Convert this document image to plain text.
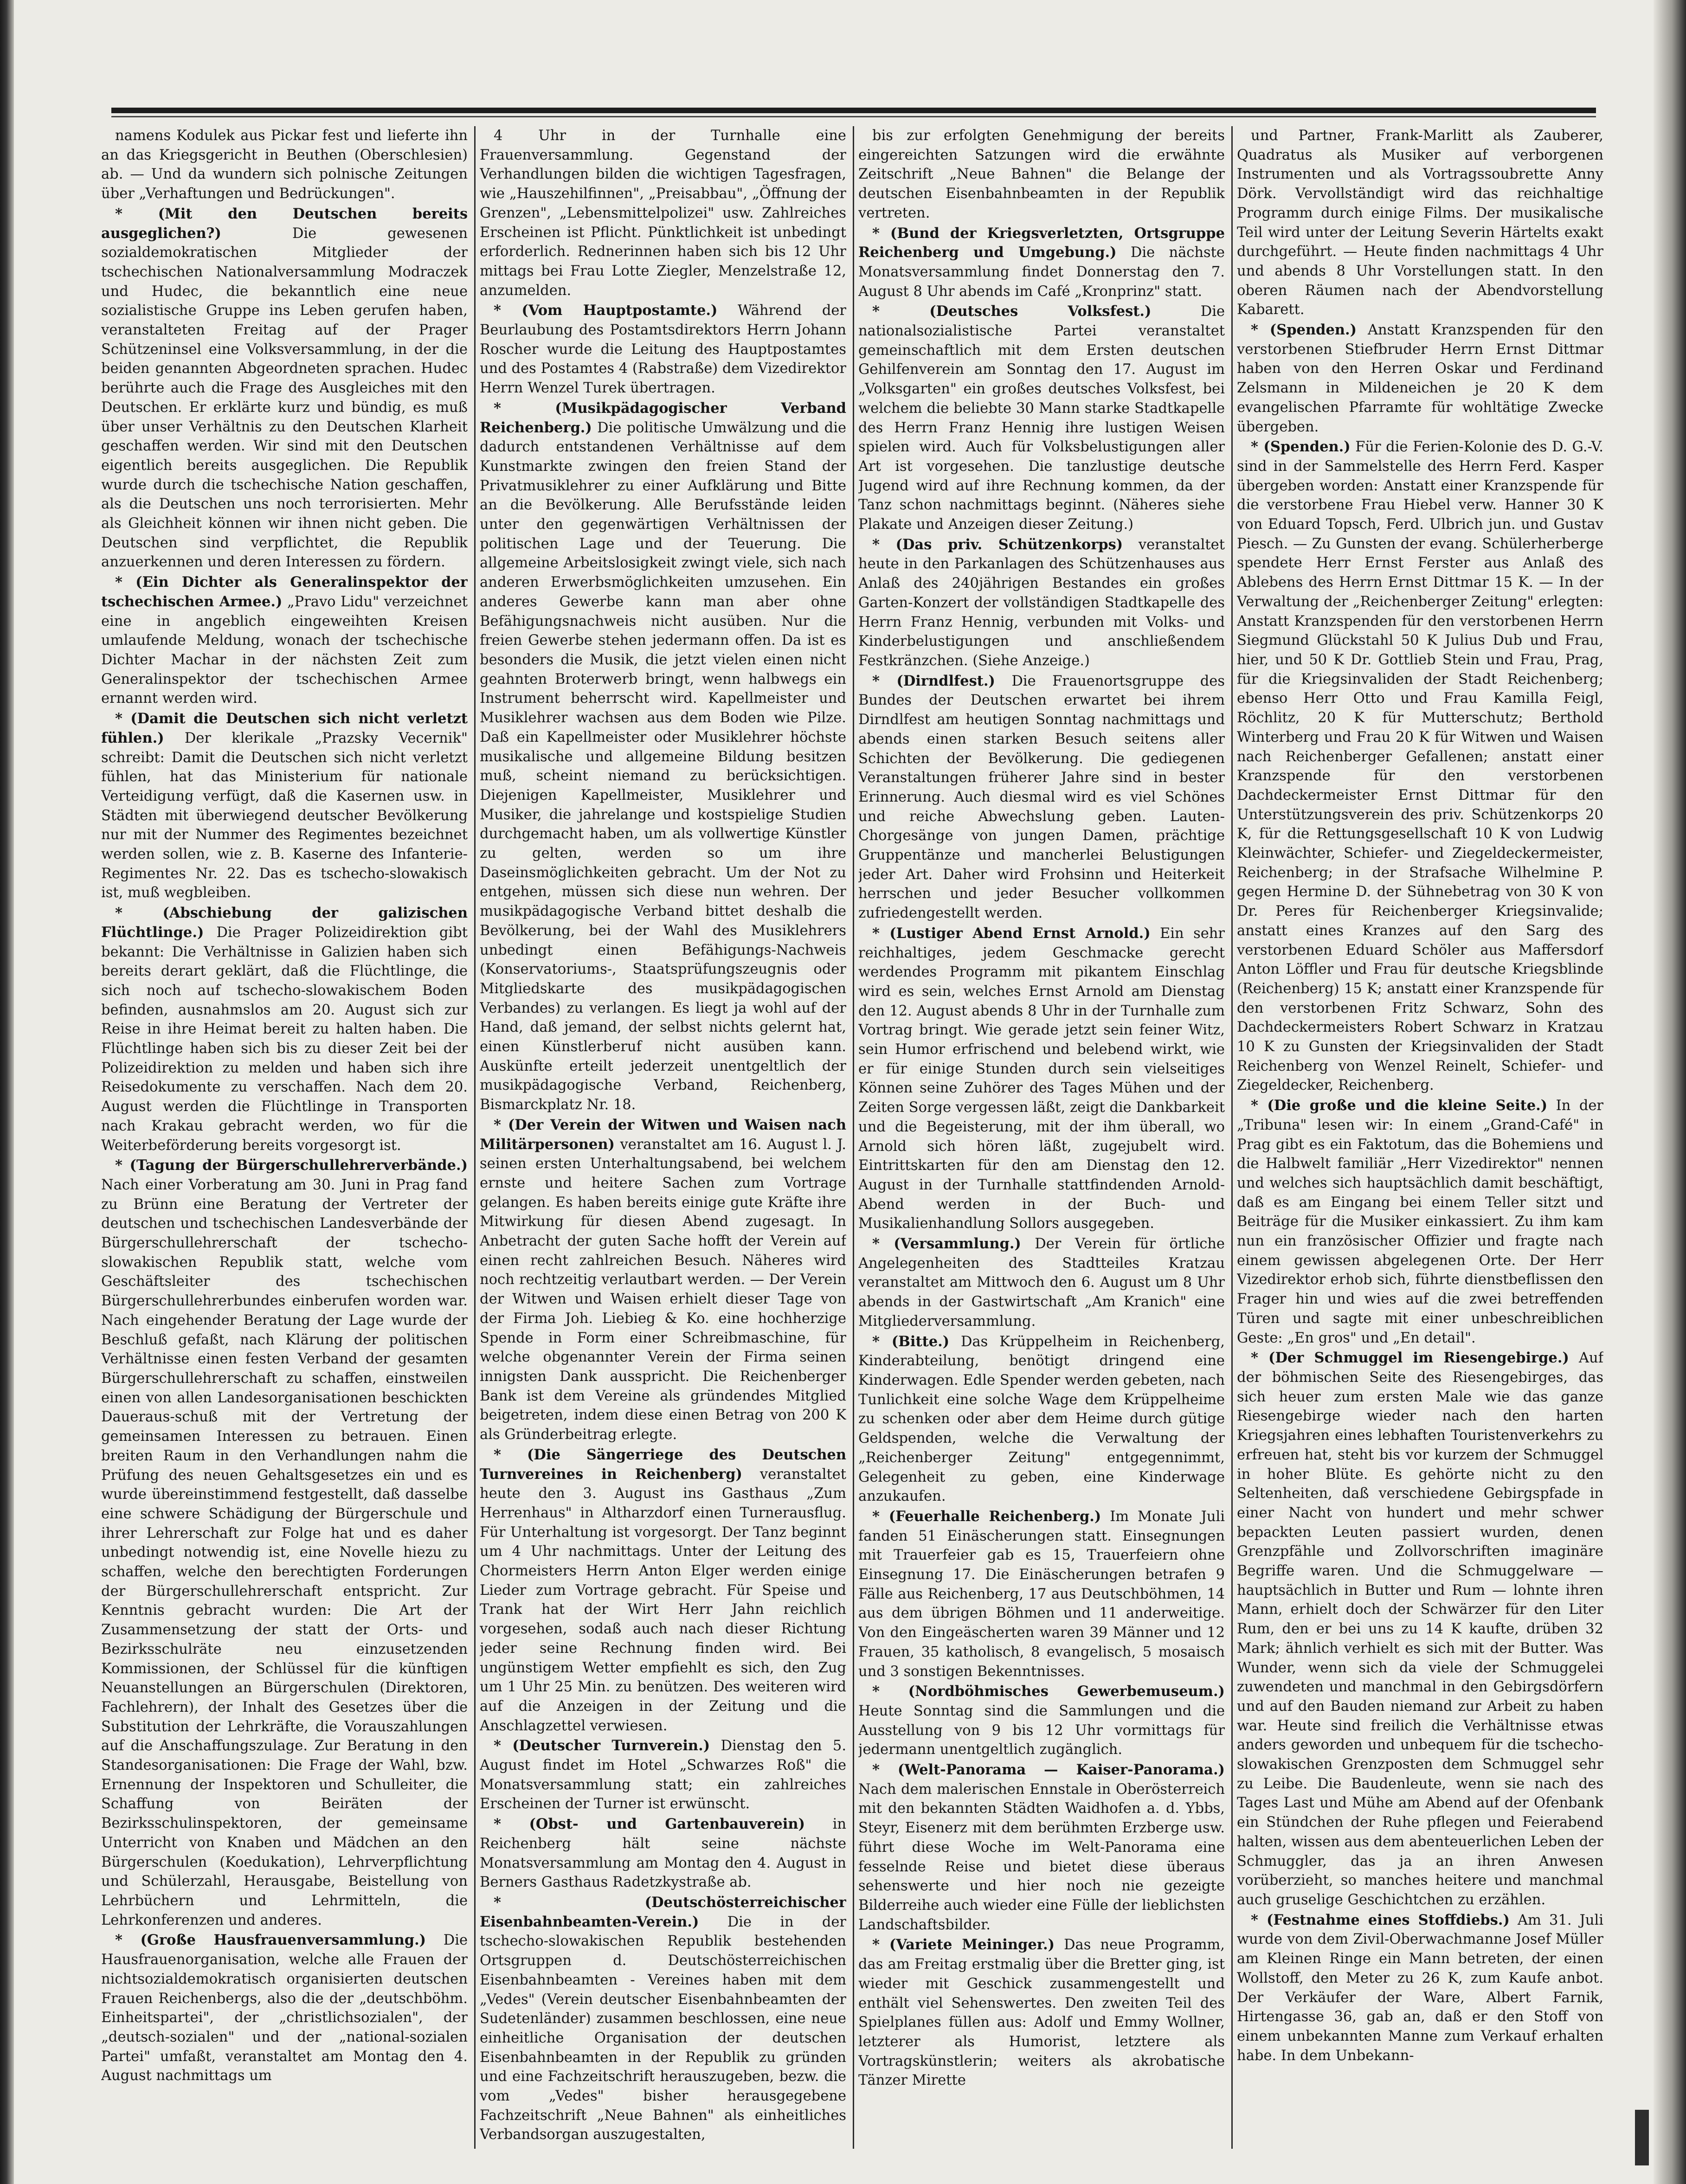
namens Kodulek aus Pickar fest und lieferte ihn an das Kriegsgericht in Beuthen (Oberschlesien) ab. — Und da wundern sich polnische Zeitungen über „Verhaftungen und Bedrückungen".

* (Mit den Deutschen bereits ausgeglichen?) Die gewesenen sozialdemokratischen Mitglieder der tschechischen Nationalversammlung Modraczek und Hudec, die bekanntlich eine neue sozialistische Gruppe ins Leben gerufen haben, veranstalteten Freitag auf der Prager Schützeninsel eine Volksversammlung, in der die beiden genannten Abgeordneten sprachen. Hudec berührte auch die Frage des Ausgleiches mit den Deutschen. Er erklärte kurz und bündig, es muß über unser Verhältnis zu den Deutschen Klarheit geschaffen werden. Wir sind mit den Deutschen eigentlich bereits ausgeglichen. Die Republik wurde durch die tschechische Nation geschaffen, als die Deutschen uns noch terrorisierten. Mehr als Gleichheit können wir ihnen nicht geben. Die Deutschen sind verpflichtet, die Republik anzuerkennen und deren Interessen zu fördern.

* (Ein Dichter als Generalinspektor der tschechischen Armee.) „Pravo Lidu" verzeichnet eine in angeblich eingeweihten Kreisen umlaufende Meldung, wonach der tschechische Dichter Machar in der nächsten Zeit zum Generalinspektor der tschechischen Armee ernannt werden wird.

* (Damit die Deutschen sich nicht verletzt fühlen.) Der klerikale „Prazsky Vecernik" schreibt: Damit die Deutschen sich nicht verletzt fühlen, hat das Ministerium für nationale Verteidigung verfügt, daß die Kasernen usw. in Städten mit überwiegend deutscher Bevölkerung nur mit der Nummer des Regimentes bezeichnet werden sollen, wie z. B. Kaserne des Infanterie-Regimentes Nr. 22. Das es tschecho-slowakisch ist, muß wegbleiben.

* (Abschiebung der galizischen Flüchtlinge.) Die Prager Polizeidirektion gibt bekannt: Die Verhältnisse in Galizien haben sich bereits derart geklärt, daß die Flüchtlinge, die sich noch auf tschecho-slowakischem Boden befinden, ausnahmslos am 20. August sich zur Reise in ihre Heimat bereit zu halten haben. Die Flüchtlinge haben sich bis zu dieser Zeit bei der Polizeidirektion zu melden und haben sich ihre Reisedokumente zu verschaffen. Nach dem 20. August werden die Flüchtlinge in Transporten nach Krakau gebracht werden, wo für die Weiterbeförderung bereits vorgesorgt ist.

* (Tagung der Bürgerschullehrerverbände.) Nach einer Vorberatung am 30. Juni in Prag fand zu Brünn eine Beratung der Vertreter der deutschen und tschechischen Landesverbände der Bürgerschullehrerschaft der tschecho-slowakischen Republik statt, welche vom Geschäftsleiter des tschechischen Bürgerschullehrerbundes einberufen worden war. Nach eingehender Beratung der Lage wurde der Beschluß gefaßt, nach Klärung der politischen Verhältnisse einen festen Verband der gesamten Bürgerschullehrerschaft zu schaffen, einstweilen einen von allen Landesorganisationen beschickten Daueraus-schuß mit der Vertretung der gemeinsamen Interessen zu betrauen. Einen breiten Raum in den Verhandlungen nahm die Prüfung des neuen Gehaltsgesetzes ein und es wurde übereinstimmend festgestellt, daß dasselbe eine schwere Schädigung der Bürgerschule und ihrer Lehrerschaft zur Folge hat und es daher unbedingt notwendig ist, eine Novelle hiezu zu schaffen, welche den berechtigten Forderungen der Bürgerschullehrerschaft entspricht. Zur Kenntnis gebracht wurden: Die Art der Zusammensetzung der statt der Orts- und Bezirksschulräte neu einzusetzenden Kommissionen, der Schlüssel für die künftigen Neuanstellungen an Bürgerschulen (Direktoren, Fachlehrern), der Inhalt des Gesetzes über die Substitution der Lehrkräfte, die Vorauszahlungen auf die Anschaffungszulage. Zur Beratung in den Standesorganisationen: Die Frage der Wahl, bzw. Ernennung der Inspektoren und Schulleiter, die Schaffung von Beiräten der Bezirksschulinspektoren, der gemeinsame Unterricht von Knaben und Mädchen an den Bürgerschulen (Koedukation), Lehrverpflichtung und Schülerzahl, Herausgabe, Beistellung von Lehrbüchern und Lehrmitteln, die Lehrkonferenzen und anderes.

* (Große Hausfrauenversammlung.) Die Hausfrauenorganisation, welche alle Frauen der nichtsozialdemokratisch organisierten deutschen Frauen Reichenbergs, also die der „deutschböhm. Einheitspartei", der „christlichsozialen", der „deutsch-sozialen" und der „national-sozialen Partei" umfaßt, veranstaltet am Montag den 4. August nachmittags um

4 Uhr in der Turnhalle eine Frauenversammlung. Gegenstand der Verhandlungen bilden die wichtigen Tagesfragen, wie „Hauszehilfinnen", „Preisabbau", „Öffnung der Grenzen", „Lebensmittelpolizei" usw. Zahlreiches Erscheinen ist Pflicht. Pünktlichkeit ist unbedingt erforderlich. Rednerinnen haben sich bis 12 Uhr mittags bei Frau Lotte Ziegler, Menzelstraße 12, anzumelden.

* (Vom Hauptpostamte.) Während der Beurlaubung des Postamtsdirektors Herrn Johann Roscher wurde die Leitung des Hauptpostamtes und des Postamtes 4 (Rabstraße) dem Vizedirektor Herrn Wenzel Turek übertragen.

* (Musikpädagogischer Verband Reichenberg.) Die politische Umwälzung und die dadurch entstandenen Verhältnisse auf dem Kunstmarkte zwingen den freien Stand der Privatmusiklehrer zu einer Aufklärung und Bitte an die Bevölkerung. Alle Berufsstände leiden unter den gegenwärtigen Verhältnissen der politischen Lage und der Teuerung. Die allgemeine Arbeitslosigkeit zwingt viele, sich nach anderen Erwerbsmöglichkeiten umzusehen. Ein anderes Gewerbe kann man aber ohne Befähigungsnachweis nicht ausüben. Nur die freien Gewerbe stehen jedermann offen. Da ist es besonders die Musik, die jetzt vielen einen nicht geahnten Broterwerb bringt, wenn halbwegs ein Instrument beherrscht wird. Kapellmeister und Musiklehrer wachsen aus dem Boden wie Pilze. Daß ein Kapellmeister oder Musiklehrer höchste musikalische und allgemeine Bildung besitzen muß, scheint niemand zu berücksichtigen. Diejenigen Kapellmeister, Musiklehrer und Musiker, die jahrelange und kostspielige Studien durchgemacht haben, um als vollwertige Künstler zu gelten, werden so um ihre Daseinsmöglichkeiten gebracht. Um der Not zu entgehen, müssen sich diese nun wehren. Der musikpädagogische Verband bittet deshalb die Bevölkerung, bei der Wahl des Musiklehrers unbedingt einen Befähigungs-Nachweis (Konservatoriums-, Staatsprüfungszeugnis oder Mitgliedskarte des musikpädagogischen Verbandes) zu verlangen. Es liegt ja wohl auf der Hand, daß jemand, der selbst nichts gelernt hat, einen Künstlerberuf nicht ausüben kann. Auskünfte erteilt jederzeit unentgeltlich der musikpädagogische Verband, Reichenberg, Bismarckplatz Nr. 18.

* (Der Verein der Witwen und Waisen nach Militärpersonen) veranstaltet am 16. August l. J. seinen ersten Unterhaltungsabend, bei welchem ernste und heitere Sachen zum Vortrage gelangen. Es haben bereits einige gute Kräfte ihre Mitwirkung für diesen Abend zugesagt. In Anbetracht der guten Sache hofft der Verein auf einen recht zahlreichen Besuch. Näheres wird noch rechtzeitig verlautbart werden. — Der Verein der Witwen und Waisen erhielt dieser Tage von der Firma Joh. Liebieg & Ko. eine hochherzige Spende in Form einer Schreibmaschine, für welche obgenannter Verein der Firma seinen innigsten Dank ausspricht. Die Reichenberger Bank ist dem Vereine als gründendes Mitglied beigetreten, indem diese einen Betrag von 200 K als Gründerbeitrag erlegte.

* (Die Sängerriege des Deutschen Turnvereines in Reichenberg) veranstaltet heute den 3. August ins Gasthaus „Zum Herrenhaus" in Altharzdorf einen Turnerausflug. Für Unterhaltung ist vorgesorgt. Der Tanz beginnt um 4 Uhr nachmittags. Unter der Leitung des Chormeisters Herrn Anton Elger werden einige Lieder zum Vortrage gebracht. Für Speise und Trank hat der Wirt Herr Jahn reichlich vorgesehen, sodaß auch nach dieser Richtung jeder seine Rechnung finden wird. Bei ungünstigem Wetter empfiehlt es sich, den Zug um 1 Uhr 25 Min. zu benützen. Des weiteren wird auf die Anzeigen in der Zeitung und die Anschlagzettel verwiesen.

* (Deutscher Turnverein.) Dienstag den 5. August findet im Hotel „Schwarzes Roß" die Monatsversammlung statt; ein zahlreiches Erscheinen der Turner ist erwünscht.

* (Obst- und Gartenbauverein) in Reichenberg hält seine nächste Monatsversammlung am Montag den 4. August in Berners Gasthaus Radetzkystraße ab.

* (Deutschösterreichischer Eisenbahnbeamten-Verein.) Die in der tschecho-slowakischen Republik bestehenden Ortsgruppen d. Deutschösterreichischen Eisenbahnbeamten - Vereines haben mit dem „Vedes" (Verein deutscher Eisenbahnbeamten der Sudetenländer) zusammen beschlossen, eine neue einheitliche Organisation der deutschen Eisenbahnbeamten in der Republik zu gründen und eine Fachzeitschrift herauszugeben, bezw. die vom „Vedes" bisher herausgegebene Fachzeitschrift „Neue Bahnen" als einheitliches Verbandsorgan auszugestalten,

bis zur erfolgten Genehmigung der bereits eingereichten Satzungen wird die erwähnte Zeitschrift „Neue Bahnen" die Belange der deutschen Eisenbahnbeamten in der Republik vertreten.

* (Bund der Kriegsverletzten, Ortsgruppe Reichenberg und Umgebung.) Die nächste Monatsversammlung findet Donnerstag den 7. August 8 Uhr abends im Café „Kronprinz" statt.

* (Deutsches Volksfest.) Die nationalsozialistische Partei veranstaltet gemeinschaftlich mit dem Ersten deutschen Gehilfenverein am Sonntag den 17. August im „Volksgarten" ein großes deutsches Volksfest, bei welchem die beliebte 30 Mann starke Stadtkapelle des Herrn Franz Hennig ihre lustigen Weisen spielen wird. Auch für Volksbelustigungen aller Art ist vorgesehen. Die tanzlustige deutsche Jugend wird auf ihre Rechnung kommen, da der Tanz schon nachmittags beginnt. (Näheres siehe Plakate und Anzeigen dieser Zeitung.)

* (Das priv. Schützenkorps) veranstaltet heute in den Parkanlagen des Schützenhauses aus Anlaß des 240jährigen Bestandes ein großes Garten-Konzert der vollständigen Stadtkapelle des Herrn Franz Hennig, verbunden mit Volks- und Kinderbelustigungen und anschließendem Festkränzchen. (Siehe Anzeige.)

* (Dirndlfest.) Die Frauenortsgruppe des Bundes der Deutschen erwartet bei ihrem Dirndlfest am heutigen Sonntag nachmittags und abends einen starken Besuch seitens aller Schichten der Bevölkerung. Die gediegenen Veranstaltungen früherer Jahre sind in bester Erinnerung. Auch diesmal wird es viel Schönes und reiche Abwechslung geben. Lauten-Chorgesänge von jungen Damen, prächtige Gruppentänze und mancherlei Belustigungen jeder Art. Daher wird Frohsinn und Heiterkeit herrschen und jeder Besucher vollkommen zufriedengestellt werden.

* (Lustiger Abend Ernst Arnold.) Ein sehr reichhaltiges, jedem Geschmacke gerecht werdendes Programm mit pikantem Einschlag wird es sein, welches Ernst Arnold am Dienstag den 12. August abends 8 Uhr in der Turnhalle zum Vortrag bringt. Wie gerade jetzt sein feiner Witz, sein Humor erfrischend und belebend wirkt, wie er für einige Stunden durch sein vielseitiges Können seine Zuhörer des Tages Mühen und der Zeiten Sorge vergessen läßt, zeigt die Dankbarkeit und die Begeisterung, mit der ihm überall, wo Arnold sich hören läßt, zugejubelt wird. Eintrittskarten für den am Dienstag den 12. August in der Turnhalle stattfindenden Arnold-Abend werden in der Buch- und Musikalienhandlung Sollors ausgegeben.

* (Versammlung.) Der Verein für örtliche Angelegenheiten des Stadtteiles Kratzau veranstaltet am Mittwoch den 6. August um 8 Uhr abends in der Gastwirtschaft „Am Kranich" eine Mitgliederversammlung.

* (Bitte.) Das Krüppelheim in Reichenberg, Kinderabteilung, benötigt dringend eine Kinderwagen. Edle Spender werden gebeten, nach Tunlichkeit eine solche Wage dem Krüppelheime zu schenken oder aber dem Heime durch gütige Geldspenden, welche die Verwaltung der „Reichenberger Zeitung" entgegennimmt, Gelegenheit zu geben, eine Kinderwage anzukaufen.

* (Feuerhalle Reichenberg.) Im Monate Juli fanden 51 Einäscherungen statt. Einsegnungen mit Trauerfeier gab es 15, Trauerfeiern ohne Einsegnung 17. Die Einäscherungen betrafen 9 Fälle aus Reichenberg, 17 aus Deutschböhmen, 14 aus dem übrigen Böhmen und 11 anderweitige. Von den Eingeäscherten waren 39 Männer und 12 Frauen, 35 katholisch, 8 evangelisch, 5 mosaisch und 3 sonstigen Bekenntnisses.

* (Nordböhmisches Gewerbemuseum.) Heute Sonntag sind die Sammlungen und die Ausstellung von 9 bis 12 Uhr vormittags für jedermann unentgeltlich zugänglich.

* (Welt-Panorama — Kaiser-Panorama.) Nach dem malerischen Ennstale in Oberösterreich mit den bekannten Städten Waidhofen a. d. Ybbs, Steyr, Eisenerz mit dem berühmten Erzberge usw. führt diese Woche im Welt-Panorama eine fesselnde Reise und bietet diese überaus sehenswerte und hier noch nie gezeigte Bilderreihe auch wieder eine Fülle der lieblichsten Landschaftsbilder.

* (Variete Meininger.) Das neue Programm, das am Freitag erstmalig über die Bretter ging, ist wieder mit Geschick zusammengestellt und enthält viel Sehenswertes. Den zweiten Teil des Spielplanes füllen aus: Adolf und Emmy Wollner, letzterer als Humorist, letztere als Vortragskünstlerin; weiters als akrobatische Tänzer Mirette

und Partner, Frank-Marlitt als Zauberer, Quadratus als Musiker auf verborgenen Instrumenten und als Vortragssoubrette Anny Dörk. Vervollständigt wird das reichhaltige Programm durch einige Films. Der musikalische Teil wird unter der Leitung Severin Härtelts exakt durchgeführt. — Heute finden nachmittags 4 Uhr und abends 8 Uhr Vorstellungen statt. In den oberen Räumen nach der Abendvorstellung Kabarett.

* (Spenden.) Anstatt Kranzspenden für den verstorbenen Stiefbruder Herrn Ernst Dittmar haben von den Herren Oskar und Ferdinand Zelsmann in Mildeneichen je 20 K dem evangelischen Pfarramte für wohltätige Zwecke übergeben.

* (Spenden.) Für die Ferien-Kolonie des D. G.-V. sind in der Sammelstelle des Herrn Ferd. Kasper übergeben worden: Anstatt einer Kranzspende für die verstorbene Frau Hiebel verw. Hanner 30 K von Eduard Topsch, Ferd. Ulbrich jun. und Gustav Piesch. — Zu Gunsten der evang. Schülerherberge spendete Herr Ernst Ferster aus Anlaß des Ablebens des Herrn Ernst Dittmar 15 K. — In der Verwaltung der „Reichenberger Zeitung" erlegten: Anstatt Kranzspenden für den verstorbenen Herrn Siegmund Glückstahl 50 K Julius Dub und Frau, hier, und 50 K Dr. Gottlieb Stein und Frau, Prag, für die Kriegsinvaliden der Stadt Reichenberg; ebenso Herr Otto und Frau Kamilla Feigl, Röchlitz, 20 K für Mutterschutz; Berthold Winterberg und Frau 20 K für Witwen und Waisen nach Reichenberger Gefallenen; anstatt einer Kranzspende für den verstorbenen Dachdeckermeister Ernst Dittmar für den Unterstützungsverein des priv. Schützenkorps 20 K, für die Rettungsgesellschaft 10 K von Ludwig Kleinwächter, Schiefer- und Ziegeldeckermeister, Reichenberg; in der Strafsache Wilhelmine P. gegen Hermine D. der Sühnebetrag von 30 K von Dr. Peres für Reichenberger Kriegsinvalide; anstatt eines Kranzes auf den Sarg des verstorbenen Eduard Schöler aus Maffersdorf Anton Löffler und Frau für deutsche Kriegsblinde (Reichenberg) 15 K; anstatt einer Kranzspende für den verstorbenen Fritz Schwarz, Sohn des Dachdeckermeisters Robert Schwarz in Kratzau 10 K zu Gunsten der Kriegsinvaliden der Stadt Reichenberg von Wenzel Reinelt, Schiefer- und Ziegeldecker, Reichenberg.

* (Die große und die kleine Seite.) In der „Tribuna" lesen wir: In einem „Grand-Café" in Prag gibt es ein Faktotum, das die Bohemiens und die Halbwelt familiär „Herr Vizedirektor" nennen und welches sich hauptsächlich damit beschäftigt, daß es am Eingang bei einem Teller sitzt und Beiträge für die Musiker einkassiert. Zu ihm kam nun ein französischer Offizier und fragte nach einem gewissen abgelegenen Orte. Der Herr Vizedirektor erhob sich, führte dienstbeflissen den Frager hin und wies auf die zwei betreffenden Türen und sagte mit einer unbeschreiblichen Geste: „En gros" und „En detail".

* (Der Schmuggel im Riesengebirge.) Auf der böhmischen Seite des Riesengebirges, das sich heuer zum ersten Male wie das ganze Riesengebirge wieder nach den harten Kriegsjahren eines lebhaften Touristenverkehrs zu erfreuen hat, steht bis vor kurzem der Schmuggel in hoher Blüte. Es gehörte nicht zu den Seltenheiten, daß verschiedene Gebirgspfade in einer Nacht von hundert und mehr schwer bepackten Leuten passiert wurden, denen Grenzpfähle und Zollvorschriften imaginäre Begriffe waren. Und die Schmuggelware — hauptsächlich in Butter und Rum — lohnte ihren Mann, erhielt doch der Schwärzer für den Liter Rum, den er bei uns zu 14 K kaufte, drüben 32 Mark; ähnlich verhielt es sich mit der Butter. Was Wunder, wenn sich da viele der Schmuggelei zuwendeten und manchmal in den Gebirgsdörfern und auf den Bauden niemand zur Arbeit zu haben war. Heute sind freilich die Verhältnisse etwas anders geworden und unbequem für die tschecho-slowakischen Grenzposten dem Schmuggel sehr zu Leibe. Die Baudenleute, wenn sie nach des Tages Last und Mühe am Abend auf der Ofenbank ein Stündchen der Ruhe pflegen und Feierabend halten, wissen aus dem abenteuerlichen Leben der Schmuggler, das ja an ihren Anwesen vorüberzieht, so manches heitere und manchmal auch gruselige Geschichtchen zu erzählen.

* (Festnahme eines Stoffdiebs.) Am 31. Juli wurde von dem Zivil-Oberwachmanne Josef Müller am Kleinen Ringe ein Mann betreten, der einen Wollstoff, den Meter zu 26 K, zum Kaufe anbot. Der Verkäufer der Ware, Albert Farnik, Hirtengasse 36, gab an, daß er den Stoff von einem unbekannten Manne zum Verkauf erhalten habe. In dem Unbekann-
